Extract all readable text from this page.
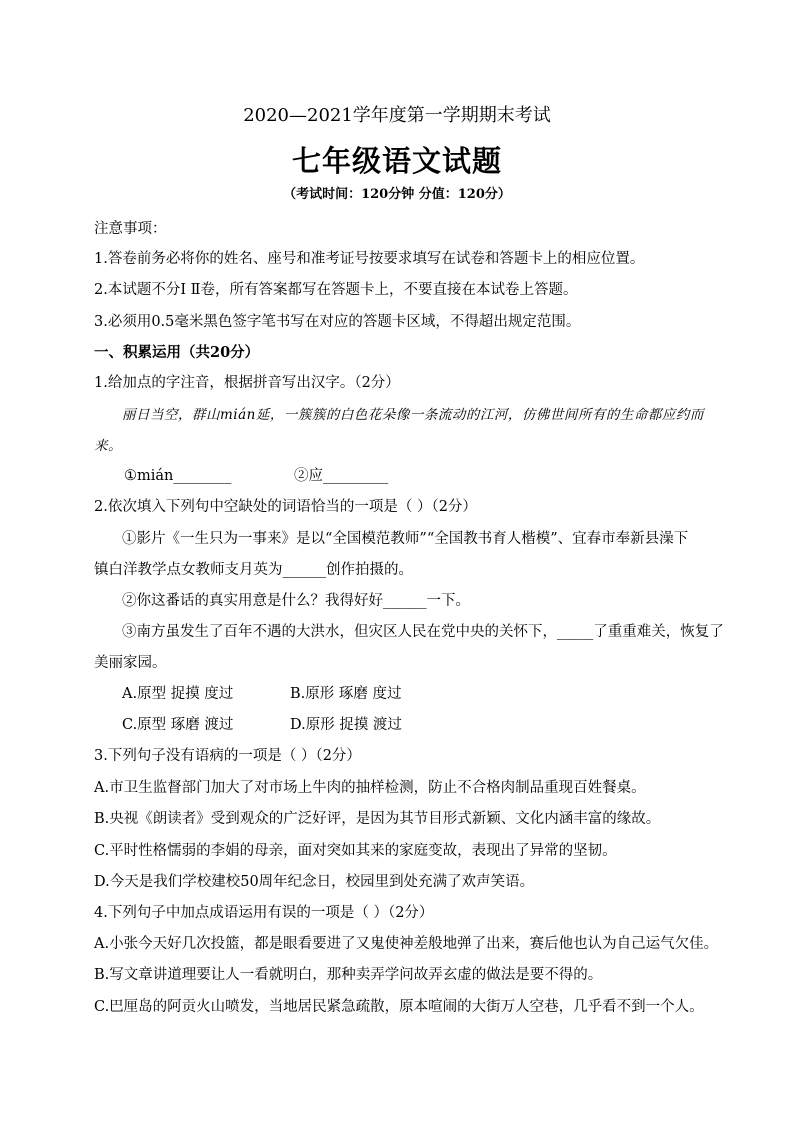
2020—2021学年度第一学期期末考试
七年级语文试题
（考试时间：120分钟 分值：120分）
注意事项：
1.答卷前务必将你的姓名、座号和准考证号按要求填写在试卷和答题卡上的相应位置。
2.本试题不分Ⅰ Ⅱ卷，所有答案都写在答题卡上，不要直接在本试卷上答题。
3.必须用0.5毫米黑色签字笔书写在对应的答题卡区域，不得超出规定范围。
一、积累运用（共20分）
1.给加点的字注音，根据拼音写出汉字。（2分）
丽日当空，群山mián延，一簇簇的白色花朵像一条流动的江河，仿佛世间所有的生命都应约而
来。
①mián________	②应_________
2.依次填入下列句中空缺处的词语恰当的一项是（ ）（2分）
①影片《一生只为一事来》是以“全国模范教师”“全国教书育人楷模”、宜春市奉新县澡下
镇白洋教学点女教师支月英为______创作拍摄的。
②你这番话的真实用意是什么？我得好好______一下。
③南方虽发生了百年不遇的大洪水，但灾区人民在党中央的关怀下，_____了重重难关，恢复了
美丽家园。
A.原型 捉摸 度过	B.原形 琢磨 度过
C.原型 琢磨 渡过	D.原形 捉摸 渡过
3.下列句子没有语病的一项是（ ）（2分）
A.市卫生监督部门加大了对市场上牛肉的抽样检测，防止不合格肉制品重现百姓餐桌。
B.央视《朗读者》受到观众的广泛好评，是因为其节目形式新颖、文化内涵丰富的缘故。
C.平时性格懦弱的李娟的母亲，面对突如其来的家庭变故，表现出了异常的坚韧。
D.今天是我们学校建校50周年纪念日，校园里到处充满了欢声笑语。
4.下列句子中加点成语运用有误的一项是（ ）（2分）
A.小张今天好几次投篮，都是眼看要进了又鬼使神差般地弹了出来，赛后他也认为自己运气欠佳。
B.写文章讲道理要让人一看就明白，那种卖弄学问故弄玄虚的做法是要不得的。
C.巴厘岛的阿贡火山喷发，当地居民紧急疏散，原本喧闹的大街万人空巷，几乎看不到一个人。
